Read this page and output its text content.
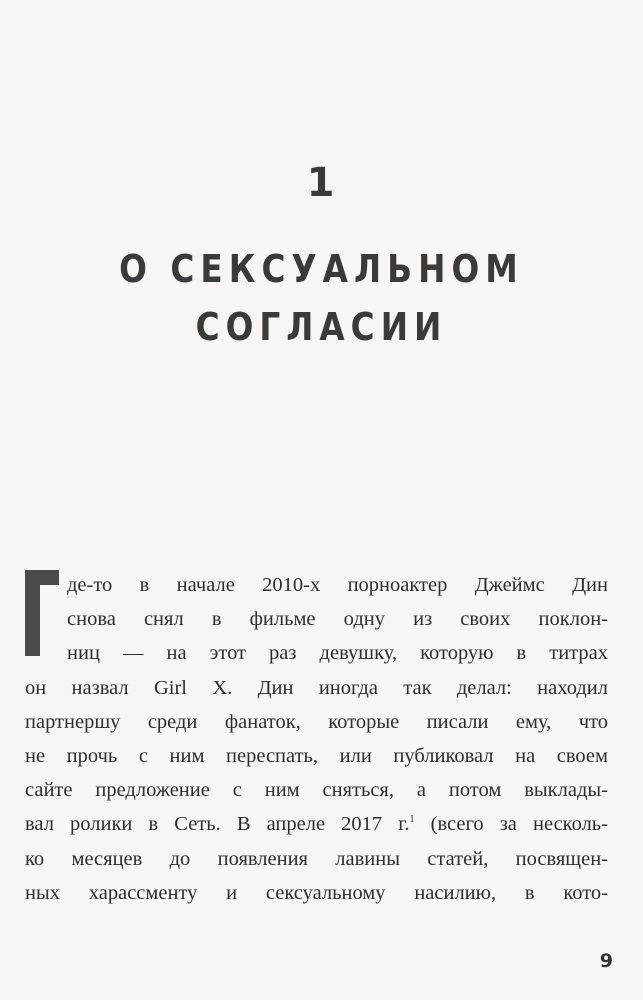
1
О СЕКСУАЛЬНОМ
СОГЛАСИИ
де-то в начале 2010-х порноактер Джеймс Дин
снова снял в фильме одну из своих поклон-
ниц — на этот раз девушку, которую в титрах
он назвал Girl X. Дин иногда так делал: находил
партнершу среди фанаток, которые писали ему, что
не прочь с ним переспать, или публиковал на своем
сайте предложение с ним сняться, а потом выклады-
вал ролики в Сеть. В апреле 2017 г.$^1$ (всего за несколь-
ко месяцев до появления лавины статей, посвящен-
ных харассменту и сексуальному насилию, в кото-
9
